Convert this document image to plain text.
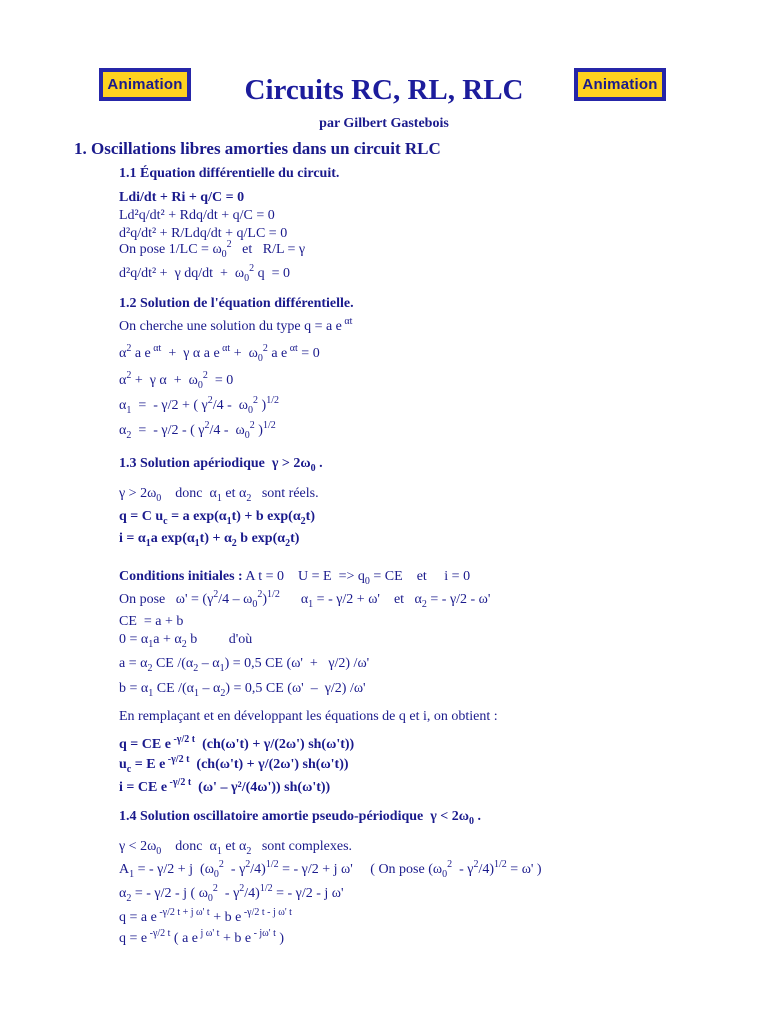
Animation	Animation
Circuits RC, RL, RLC
par Gilbert Gastebois
1. Oscillations libres amorties dans un circuit RLC
1.1 Équation différentielle du circuit.
Ldi/dt + Ri + q/C = 0
Ld²q/dt² + Rdq/dt + q/C = 0
d²q/dt² + R/Ldq/dt + q/LC = 0
On pose $1/LC = \omega_0^2$   et   R/L = γ
d²q/dt² +  γ $dq/dt + \omega_0^2$ q  = 0
1.2 Solution de l'équation différentielle.
On cherche une solution du type q = a e $^{\alpha t}$
$\alpha^2$ a e $^{\alpha t}$  +  γ α a e $^{\alpha t} + \omega_0^2$ a e $^{\alpha t}$ = 0
$\alpha^2 + \gamma$ $\alpha + \omega_0^2 = 0$
$\alpha_1$  =  - γ/2 + ( $\gamma^2/4 - \omega_0^2$ )$^{1/2}$
$\alpha_2$  =  - γ/2 - ( $\gamma^2/4 - \omega_0^2$ )$^{1/2}$
1.3 Solution apériodique  $\gamma > 2\omega_0$ .
$\gamma > 2\omega_0$    donc  $\alpha_1$ et $\alpha_2$   sont réels.
q = C $u_c = a$ $\exp(\alpha_1t) + b$ $\exp(\alpha_2t)$
$i = \alpha_1a$ $\exp(\alpha_1t) + \alpha_2$ b $\exp(\alpha_2t)$
Conditions initiales : A t = 0    $U = E => q_0$ = CE    et     i = 0
On pose   $\omega' = (\gamma^2/4 - \omega_0^2)^{1/2}$      $\alpha_1$ = - γ/2 + ω'    et   $\alpha_2$ = - γ/2 - ω'
CE  = a + b
$0 = \alpha_1a + \alpha_2$ b         d'où
$a = \alpha_2$ CE $/(\alpha_2 - \alpha_1) = 0,5$ CE (ω'  +   γ/2) /ω'
$b = \alpha_1$ CE $/(\alpha_1 - \alpha_2) = 0,5$ CE (ω'  –  γ/2) /ω'
En remplaçant et en développant les équations de q et i, on obtient :
q = CE e $^{-\gamma/2 t}$  (ch(ω't) + γ/(2ω') sh(ω't))
$u_c = E$ e $^{-\gamma/2 t}$  (ch(ω't) + γ/(2ω') sh(ω't))
i = CE e $^{-\gamma/2 t}$  (ω' – γ²/(4ω')) sh(ω't))
1.4 Solution oscillatoire amortie pseudo-périodique  $\gamma < 2\omega_0$ .
$\gamma < 2\omega_0$    donc  $\alpha_1$ et $\alpha_2$   sont complexes.
$A_1$ = - γ/2 + j  $(\omega_0^2 - \gamma^2/4)^{1/2}$ = - γ/2 + j ω'     ( On pose $(\omega_0^2 - \gamma^2/4)^{1/2} = \omega'$ )
$\alpha_2$ = - γ/2 - j ( $\omega_0^2 - \gamma^2/4)^{1/2}$ = - γ/2 - j ω'
q = a e $^{-\gamma/2 t + j \omega' t}$ + b e $^{-\gamma/2 t - j \omega' t}$
q = e $^{-\gamma/2 t}$ ( a e $^{j \omega' t}$ + b e $^{- j\omega' t}$ )
